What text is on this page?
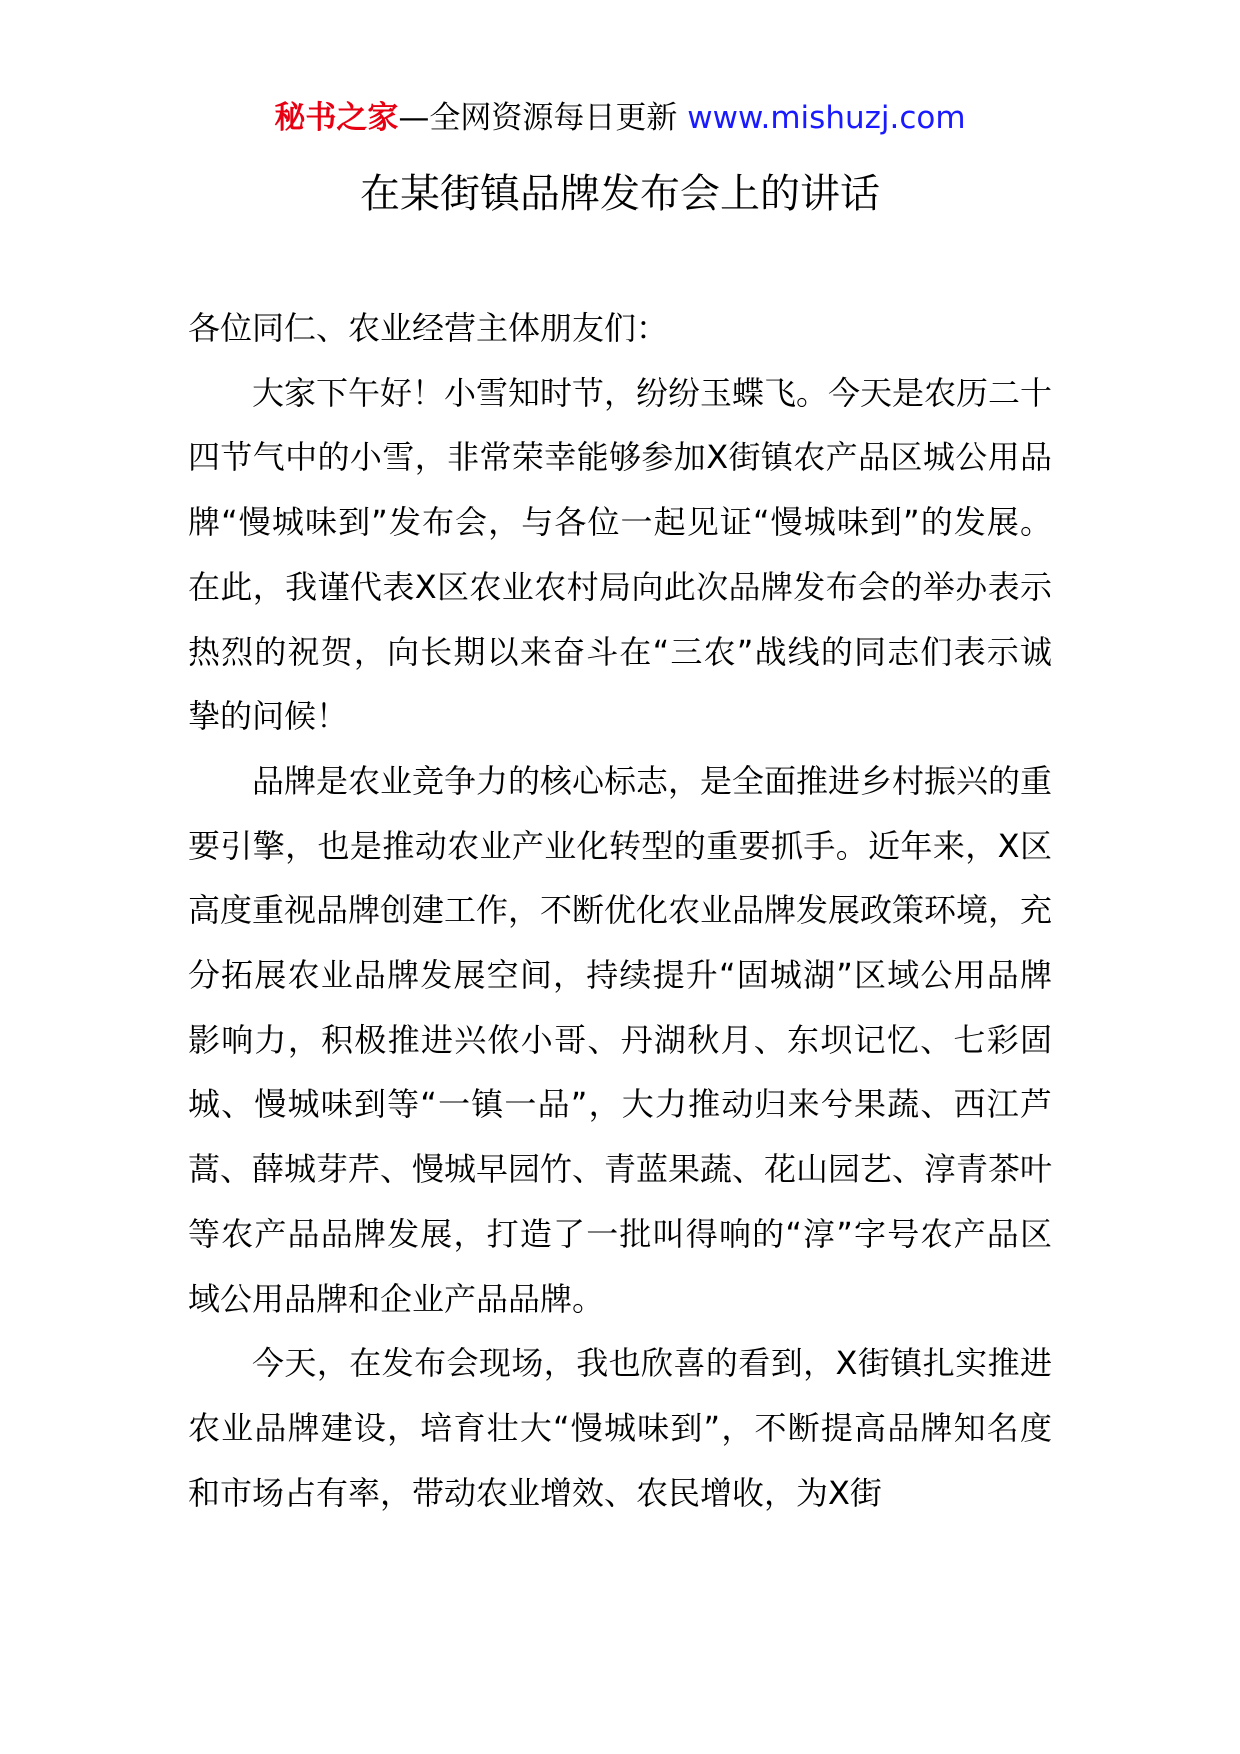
秘书之家—全网资源每日更新 www.mishuzj.com
在某街镇品牌发布会上的讲话

各位同仁、农业经营主体朋友们：

大家下午好！小雪知时节，纷纷玉蝶飞。今天是农历二十四节气中的小雪，非常荣幸能够参加X街镇农产品区城公用品牌“慢城味到”发布会，与各位一起见证“慢城味到”的发展。在此，我谨代表X区农业农村局向此次品牌发布会的举办表示热烈的祝贺，向长期以来奋斗在“三农”战线的同志们表示诚挚的问候！

品牌是农业竞争力的核心标志，是全面推进乡村振兴的重要引擎，也是推动农业产业化转型的重要抓手。近年来，X区高度重视品牌创建工作，不断优化农业品牌发展政策环境，充分拓展农业品牌发展空间，持续提升“固城湖”区域公用品牌影响力，积极推进兴侬小哥、丹湖秋月、东坝记忆、七彩固城、慢城味到等“一镇一品”，大力推动归来兮果蔬、西江芦蒿、薛城芽芹、慢城早园竹、青蓝果蔬、花山园艺、淳青茶叶等农产品品牌发展，打造了一批叫得响的“淳”字号农产品区域公用品牌和企业产品品牌。

今天，在发布会现场，我也欣喜的看到，X街镇扎实推进农业品牌建设，培育壮大“慢城味到”，不断提高品牌知名度和市场占有率，带动农业增效、农民增收，为X街
